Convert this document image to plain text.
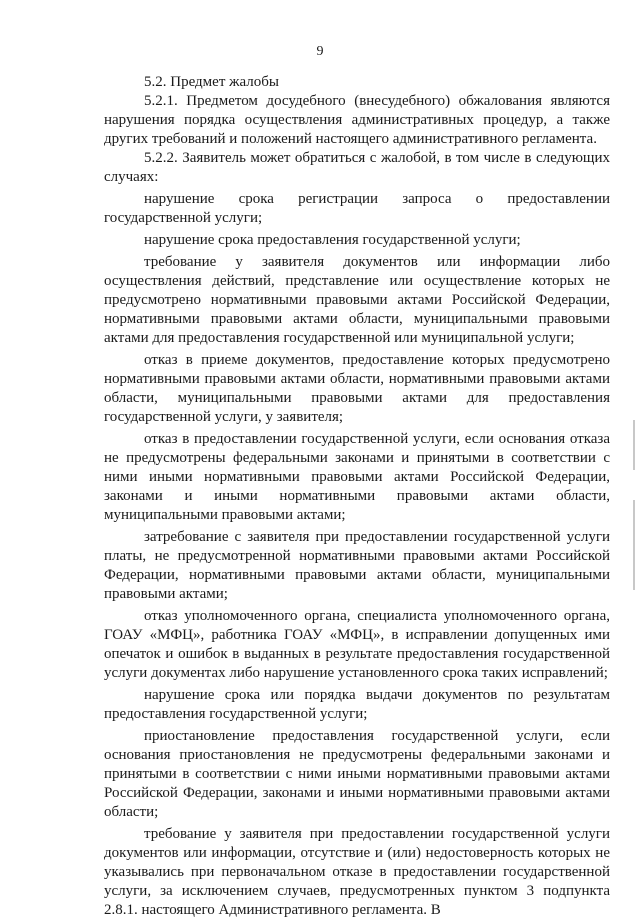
9

5.2. Предмет жалобы

5.2.1. Предметом досудебного (внесудебного) обжалования являются нарушения порядка осуществления административных процедур, а также других требований и положений настоящего административного регламента.

5.2.2. Заявитель может обратиться с жалобой, в том числе в следующих случаях:

нарушение срока регистрации запроса о предоставлении государственной услуги;

нарушение срока предоставления государственной услуги;

требование у заявителя документов или информации либо осуществления действий, представление или осуществление которых не предусмотрено нормативными правовыми актами Российской Федерации, нормативными правовыми актами области, муниципальными правовыми актами для предоставления государственной или муниципальной услуги;

отказ в приеме документов, предоставление которых предусмотрено нормативными правовыми актами области, нормативными правовыми актами области, муниципальными правовыми актами для предоставления государственной услуги, у заявителя;

отказ в предоставлении государственной услуги, если основания отказа не предусмотрены федеральными законами и принятыми в соответствии с ними иными нормативными правовыми актами Российской Федерации, законами и иными нормативными правовыми актами области, муниципальными правовыми актами;

затребование с заявителя при предоставлении государственной услуги платы, не предусмотренной нормативными правовыми актами Российской Федерации, нормативными правовыми актами области, муниципальными правовыми актами;

отказ уполномоченного органа, специалиста уполномоченного органа, ГОАУ «МФЦ», работника ГОАУ «МФЦ», в исправлении допущенных ими опечаток и ошибок в выданных в результате предоставления государственной услуги документах либо нарушение установленного срока таких исправлений;

нарушение срока или порядка выдачи документов по результатам предоставления государственной услуги;

приостановление предоставления государственной услуги, если основания приостановления не предусмотрены федеральными законами и принятыми в соответствии с ними иными нормативными правовыми актами Российской Федерации, законами и иными нормативными правовыми актами области;

требование у заявителя при предоставлении государственной услуги документов или информации, отсутствие и (или) недостоверность которых не указывались при первоначальном отказе в предоставлении государственной услуги, за исключением случаев, предусмотренных пунктом 3 подпункта 2.8.1. настоящего Административного регламента. В
